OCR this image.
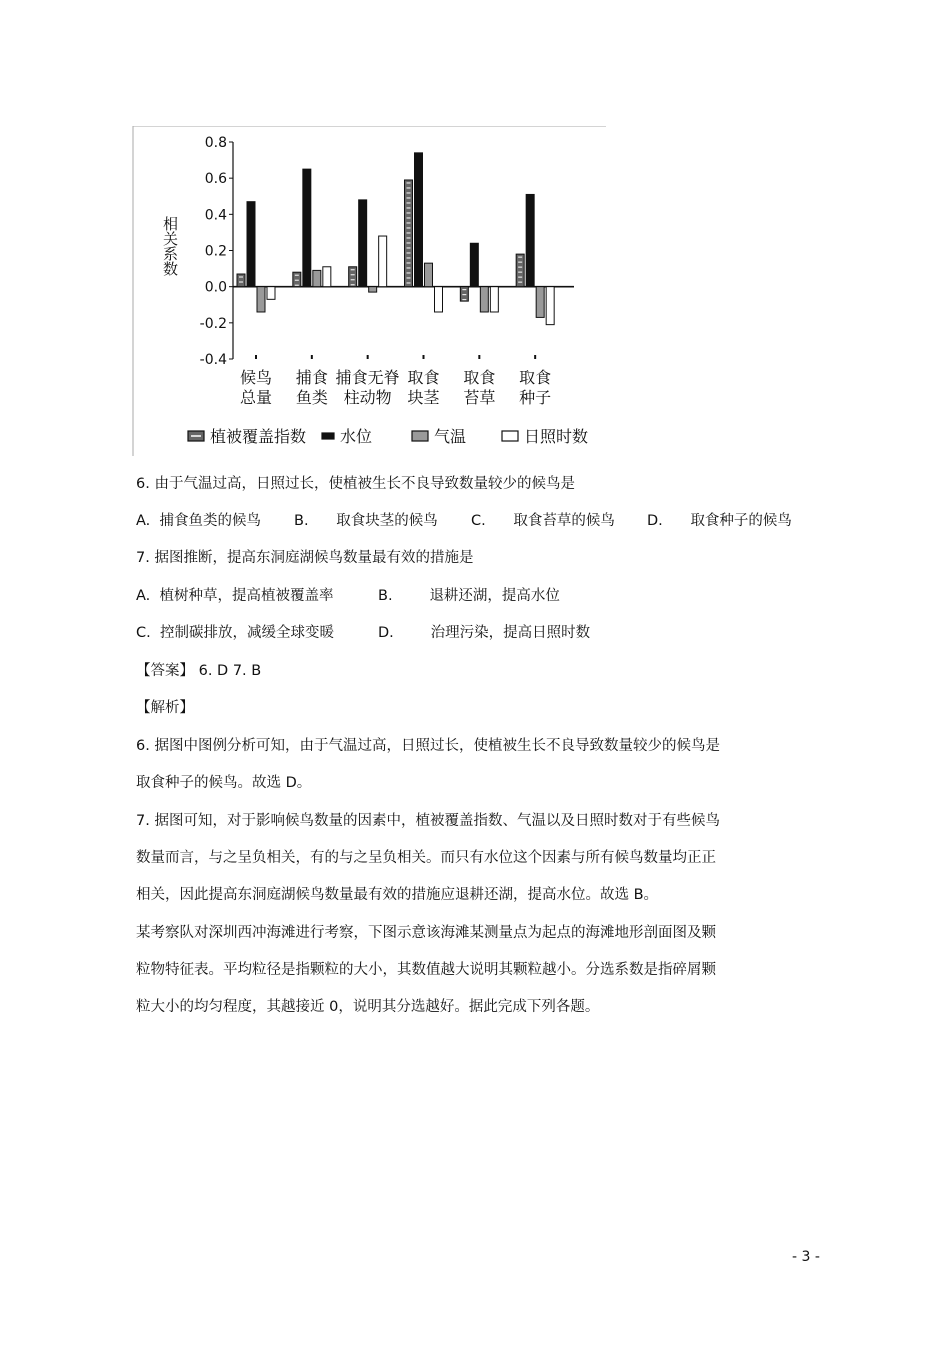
0.8
0.6
0.4
0.2
0.0
-0.2
-0.4
候鸟
总量
捕食
鱼类
捕食无脊
柱动物
取食
块茎
取食
苔草
取食
种子
相关系数
植被覆盖指数 水位	气温	日照时数
6. 由于气温过高，日照过长，使植被生长不良导致数量较少的候鸟是
A. 捕食鱼类的候鸟 B. 取食块茎的候鸟 C. 取食苔草的候鸟 D. 取食种子的候鸟
7. 据图推断，提高东洞庭湖候鸟数量最有效的措施是
A. 植树种草，提高植被覆盖率	B.	退耕还湖，提高水位
C. 控制碳排放，减缓全球变暖	D.	治理污染，提高日照时数
【答案】 6. D 7. B
【解析】
6. 据图中图例分析可知，由于气温过高，日照过长，使植被生长不良导致数量较少的候鸟是
取食种子的候鸟。故选 D。
7. 据图可知，对于影响候鸟数量的因素中，植被覆盖指数、气温以及日照时数对于有些候鸟
数量而言，与之呈负相关，有的与之呈负相关。而只有水位这个因素与所有候鸟数量均正正
相关，因此提高东洞庭湖候鸟数量最有效的措施应退耕还湖，提高水位。故选 B。
某考察队对深圳西冲海滩进行考察，下图示意该海滩某测量点为起点的海滩地形剖面图及颗
粒物特征表。平均粒径是指颗粒的大小，其数值越大说明其颗粒越小。分选系数是指碎屑颗
粒大小的均匀程度，其越接近 0，说明其分选越好。据此完成下列各题。
- 3 -
